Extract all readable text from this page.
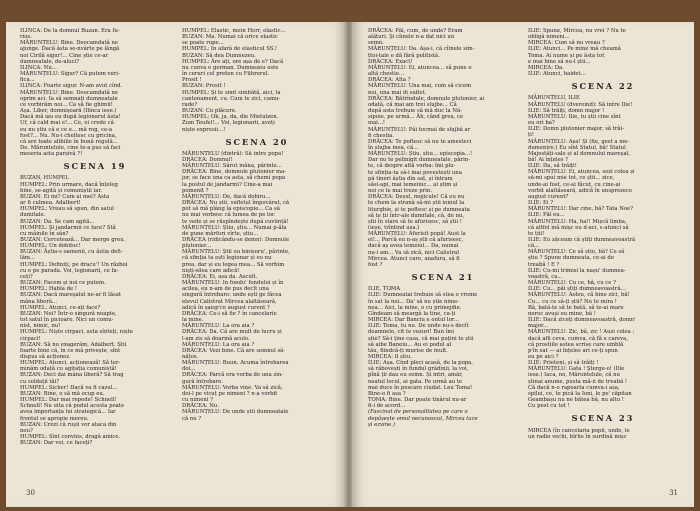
ILINCA: De la domnul Buzan. Era fu-

rios.

MĂRUNȚELU: Bine. Deocamdată ne

ajunge. Dacă ăsta se-nvârte pe lângă

noi Cirilă sigur!... Cine știe ce-ar

dumneatale, de-aluci?

ILINCA: Nu...

MĂRUNȚELU: Sigur? Că putem veri-

fica...

ILINCA: Foarte sigur. N-am avut cînd.

MĂRUNȚELU: Bine. Deocamdată ne

oprim aci. Ia să semnați dumneatale

ce vorbirăm noi... Ca să fie ghimii!

Așa. Liber, domnișoară (Ilinca iese.)

Dacă mă iau eu după legionarul ăsta!

Uf, că cald mai e!... Ce, ei crede că

eu nu știu că e ce e... mă rog, ce-a

fost?... Nu. Nu-i cheltesc cu pricina,

că are toate alibiile în bună regulă...

De. Măruntelule, cine te-a pus să faci

meseria asta parșivă ?!

SCENA 19

BUZAN, HUMPEL

HUMPEL: Prin urmare, dacă înțeleg

bine, se-agită și comuniștii iar.

BUZAN: Ei mi? Cum ai mei? Asta

ar fi culmea. Adalbert!

HUMPEL: Vreau să spun, din satul

dumitale.

BUZAN: Da. Se cam agită...

HUMPEL: Și jandarmii ce face? Stă

cu mâinile în sân?

BUZAN: Cercetează... Dar merge greu.

HUMPEL: Un dobitoc!

BUZAN: Ăștia-s oamenii, cu ăștia defi-

lăm...

HUMPEL: Definiți, pe dracu'! Un război

cu e pe parada. Voi, legionarii, ce fa-

ceți?

BUZAN: Facem și noi ce putem.

HUMPEL: Habla de !

BUZAN: Dacă mareșalul ne-ar fi lăsat

mâna liberă...

HUMPEL: Atunci, ce-ați face?

BUZAN: Noi? Într-o singură noapte,

tot satul în picioare. Nici un comu-

nist, nimic, nu!

HUMPEL: Niște cirpaci, asta sînteți, niște

cirpaci!

BUZAN: Să nu exagerăm, Adalbert. Știi

foarte bine că, în ce mă privește, sînt

dispus să acționez.

HUMPEL: Atunci, acționează! Să ter-

minăm odată cu agitația comunistă!

BUZAN: Deci dai mâna liberă? Să trag

cu soldații tăi?

HUMPEL: Sicher! Dacă va fi cazul...

BUZAN: Bine, o să mă ocup eu.

HUMPEL: Dar mai repede! Schnell!

Schnell! Nu uita că podul acesta poate

avea importanța lui strategică... Iar

frontul se apropie mereu.

BUZAN: Crezi că rușii vor ataca din

nou?

HUMPEL: Sînt convins, dragă amice.

BUZAN: Dar voi, ce faceți?

HUMPEL: Elastic, mein Herr, elastic...

BUZAN: Ma. Numai că orice elastic

se poate rupe...

HUMPEL: In afară de elasticul SS.!

BUZAN: Să dea Dumnezeu.

HUMPEL: Ăre ați, ore așa de e? Dacă

nu cunva e german. Dumnezeu este

în ceruri cel preten cu Führerul.

Prosit !

BUZAN: Prosit !

HUMPEL: Și te simt simbătă, aici, la

cantonament, cu. Cum te zici, camu-

rade?

BUZAN: Cu plăcere.

HUMPEL: Ok, ja, da, die Mietulzen.

Zum Teufel!... Voi, legionarii, aveți

niște expresii...!

SCENA 20

MĂRUNȚELU (dintră): Să intre popa!

DRĂCEA: Domnul!

MĂRUNȚELU: Sărut mâna, părinte...

DRĂCEA: Bine, domnule plutonier ma-

jor, se face una ca asta, să chemi popa

la postul de jandarmi? Cine-a mai

pomenit ?

MĂRUNȚELU: De, dacă dobiru...

DRĂCEA: Nu știi, sufletul împovărat, că

pot să mă plâng la episcopie... Ca să

nu mai vorbesc că lumea de pe loc

te vede și se răspîndește după cuviință!

MĂRUNȚELU: Știu, știu... Numai p-ăla

de pune mărfuri vîrte, știu...

DRĂCEA (ridicându-se demn): Domnule

plutonier...

MĂRUNȚELU: Știi ou binișoru', părinte,

că sfinția ta ești legionar și eu nu

prea, dar și eu legea mea... Să vorbim

niști-silea care adică!

DRĂCEA: Ei, asa da. Ascult.

MĂRUNȚELU: In fondu' fondului și în

acilea, eu n-am de pus decît una

singură întrebare: unde ești ge făcea

elevul Calistrat Mircea alaltăseară,

adică în șaisp'ce august curent ?

DRĂCEA: Ce-i să fie ? în cancelarie

la mine.

MĂRUNȚELU: La ora aia ?

DRĂCEA: Da. Că are mult de lucru și

l-am zis să doarmă acolo.

MĂRUNȚELU: La ora aia ?

DRĂCEA: Vezi bine. Că are somnul să-

nătos.

MĂRUNȚELU: Buun. Acuma întrebarea

doi...

DRĂCEA: Parcă era vorba de una sin-

gură întrebare.

MĂRUNȚELU: Vorba vine. Va să zică,

doi-l pe vicuț pe nimeni ? n-a vorbit

cu nimeni ?

DRĂCEA: Nu.

MĂRUNȚELU: De unde știi dumneatale

că nu ?

30

DRĂCEA: Păi, cum, de unde? Eram

alături. Și cîinele n-a dat nici un

semn.

MĂRUNȚELU: Da. Așa-i, că cîinele sim-

țtoi-tale e dă fără politistă.

DRĂCEA: Exact!

MĂRUNȚELU: Ei, atuncea... să pune o

altă chestie...

DRĂCEA: Alta ?

MĂRUNȚELU: Una mai, cum să cicem

noi, una mai di suflet.

DRĂCEA: Bătrîndule, domnule plutonier, ai

odată, că mai am trei slujbe... Că

după asta trebuie să mă duc la Nă-

sipoie, pe urmă... Ăh, când grea, ce

mai...!

MĂRUNȚELU: Păi tocmai de slujbă ar

fi chestia.

DRĂCEA: Te poftesc să nu te amesteci

în slujba mea, că...

MĂRUNȚELU: Știu, știu... episcopia...!

Dar nu te pelinigit dumneatale, părin-

te, că despre altă vorba: îmi plu-

te sfinția-ta să-i mai povestești una

pă tineri ăștia din sat, și întram

săsi-api, mai temeinic... ai știm și

noi ce le mai treze prin.

DRĂCEA: Deșul, mojicule! Că eu nu

te chem la strană să-mi știi ioniul la

liturghie, și te poftesc și pe dumneata

să te ții într-ale dumitale, că, de nu,

știi în stare să te afurisesc, să știi !

(iese, trîntind ușa.)

MĂRUNȚELU: Afurisit popă! Aust la

el!... Parcă eu n-aș știi că afurisesc,

dacă aș avea temeiul... Da, numai

nu-i am... Va să zică, nici Calistrat

Mircea. Atunci care, anafura, să fi

fost ?

SCENA 21

ILIE, TOMA

ILIE: Dumneatai trebuie să stea o vreme

în sat la noi... Da' să nu știe nime-

nea... Aici, la mine, o cu primejdie.

Gîndeam să meargă la tine, ca-ți

MIRCEA: Dar Banciu e ontul lor...

ILIE: Toma, tu nu. De unde nu-s decît

doamnele, cit te vezuri! Bun îmi

știe? Să-i ține casa, că mai puțini te știi

să aibe Baneiu... Au ei podul al

tău, fiindcă-ți murise de mult.

MIRCEA: Il știu.

ILIE: Așa. Cind pleci acasă, de la popa,

să răbovești în fundul grădinii, la voi,

pînă ții dau eu semn. Și intri, amăr,

neatul locul, ai gata. Pe urmă au te

mai duce în pescare ciudat. Leu Toma!

Bine-o fi așa ?

TOMA: Bine. Dar poate tinărul nu-ar

fi-i de acord...

(Fascinat de personalitatea pe care o

depășește omul necunoscut, Mircea tace

și ezvine.)

ILIE: Spune, Mircea, nu vrei ? Nu te

obligă nimeni...

MIRCEA: Cum să nu vreau ?

ILIE: Atunci... Pe mine mă cheamă

Toma. Ai nume și pe ăsta tot

e mai bine să nu-l știi...

MIRCEA: Da.

ILIE: Atunci, haidet...

SCENA 22

MĂRUNȚELU, ILIE

MĂRUNȚELU (dvereind): Să intre Ilie!

ILIE: Să trăiți, domn major !

MĂRUNȚELU: Ilie, tu știi cine sînt

eu ori ba?

ILIE: Domn plutonier major, să trăi-

ți!

MĂRUNȚELU: Așa! Și (fie, gest a me-

dumenire.) Eu sînt Statul, bă! Statul

Majestăți-sale și al domnului mareșal,

bă! Ai înțeles ?

ILIE: Da, să trăiți!

MĂRUNȚELU: Ei, atuncea, sezi colea și

să-mi spui mie tot, ce știi... zice,

unde-ai fost, ce-ai făcut, cu cine-ai

vorbit alaltăseară, adică în unsprezece

august curent?

ILIE: Ei ?

MĂRUNȚELU: Dar cine, bă? Tata Noe?

ILIE: Păi eu...

MĂRUNȚELU: Ha, ha!! Mișcă limba,

că altfel mă mișc eu d-aci, s-atunci să

te țiii!

ILIE: Eu zăceam că știți dumneavoastră

că...

MĂRUNȚELU: Ce să știu, bă? Ce să

știu ? Spune dumneata, ce-ai de

treabă ! E ?

ILIE: Cu-mi trimisi la nașu' dumnea-

voastră, ca...

MĂRUNȚELU: Cu ce, bă, cu ce ?

ILIE: Cu... păi știți dumneavoastră...

MĂRUNȚELU: Aoleu, că bine zici, bă!

Cu... cu ce să-ți știi? Nu te mira !

Bă, bată-te să te bată, să te-ai mare

noroc avuși eu mine, bă !

ILIE: Dacă ziceți dumneavoastră, domn'

major...

MĂRUNȚELU: Zic, bă, zic ! Auzi colea :

dacă afli ceva, cumva, că fă e careva,

că prostiile astea scrise care umblă

p'în sat — ai înțeles ari ce-ți spun

eu pe aici ?

ILIE: Prieteni, și să trăiți !

MĂRUNȚELU: Gata ! Șterge-o! (Ilie

iese.) Iaca, no, Măruntelule, că nu

știnai anume, pusta mă-ii de treabă !

Că dacă n-o rapoarta cumva-i așa,

spilui, ce, te pică la Ioni, le pe' căpitan

Geambașu nu ne bătea bă, nu altu !

Cu post cu tot !

SCENA 23

MIRCEA (în cancelaria popii, unde, le

un radio vechi, bîrlie în surdină mișc

31
